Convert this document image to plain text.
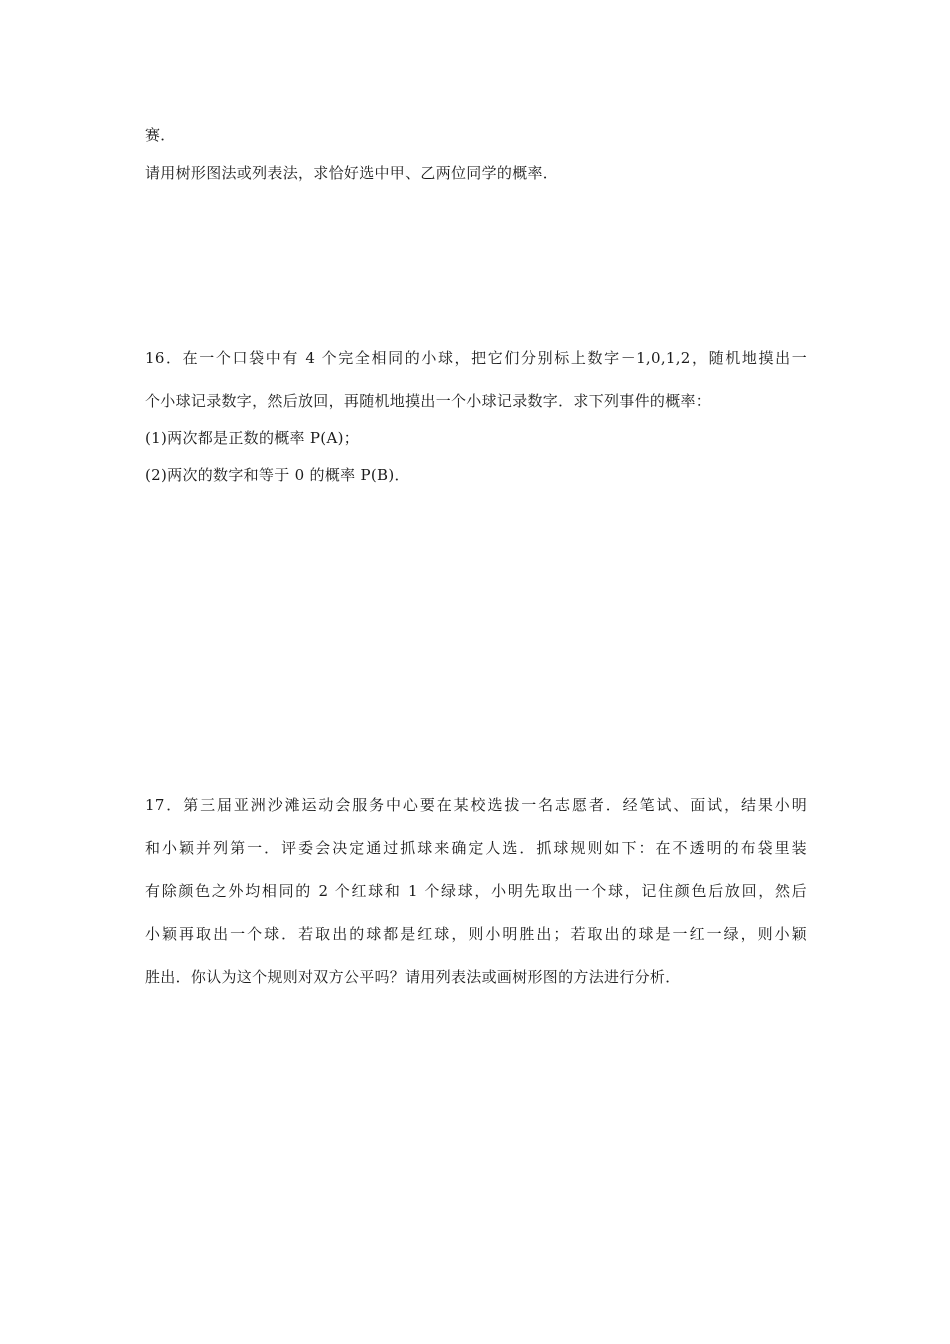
赛．
请用树形图法或列表法，求恰好选中甲、乙两位同学的概率．
16．在一个口袋中有 4 个完全相同的小球，把它们分别标上数字－1,0,1,2，随机地摸出一
个小球记录数字，然后放回，再随机地摸出一个小球记录数字．求下列事件的概率：
(1)两次都是正数的概率 P(A)；
(2)两次的数字和等于 0 的概率 P(B)．
17．第三届亚洲沙滩运动会服务中心要在某校选拔一名志愿者．经笔试、面试，结果小明
和小颖并列第一．评委会决定通过抓球来确定人选．抓球规则如下：在不透明的布袋里装
有除颜色之外均相同的 2 个红球和 1 个绿球，小明先取出一个球，记住颜色后放回，然后
小颖再取出一个球．若取出的球都是红球，则小明胜出；若取出的球是一红一绿，则小颖
胜出．你认为这个规则对双方公平吗？请用列表法或画树形图的方法进行分析．
